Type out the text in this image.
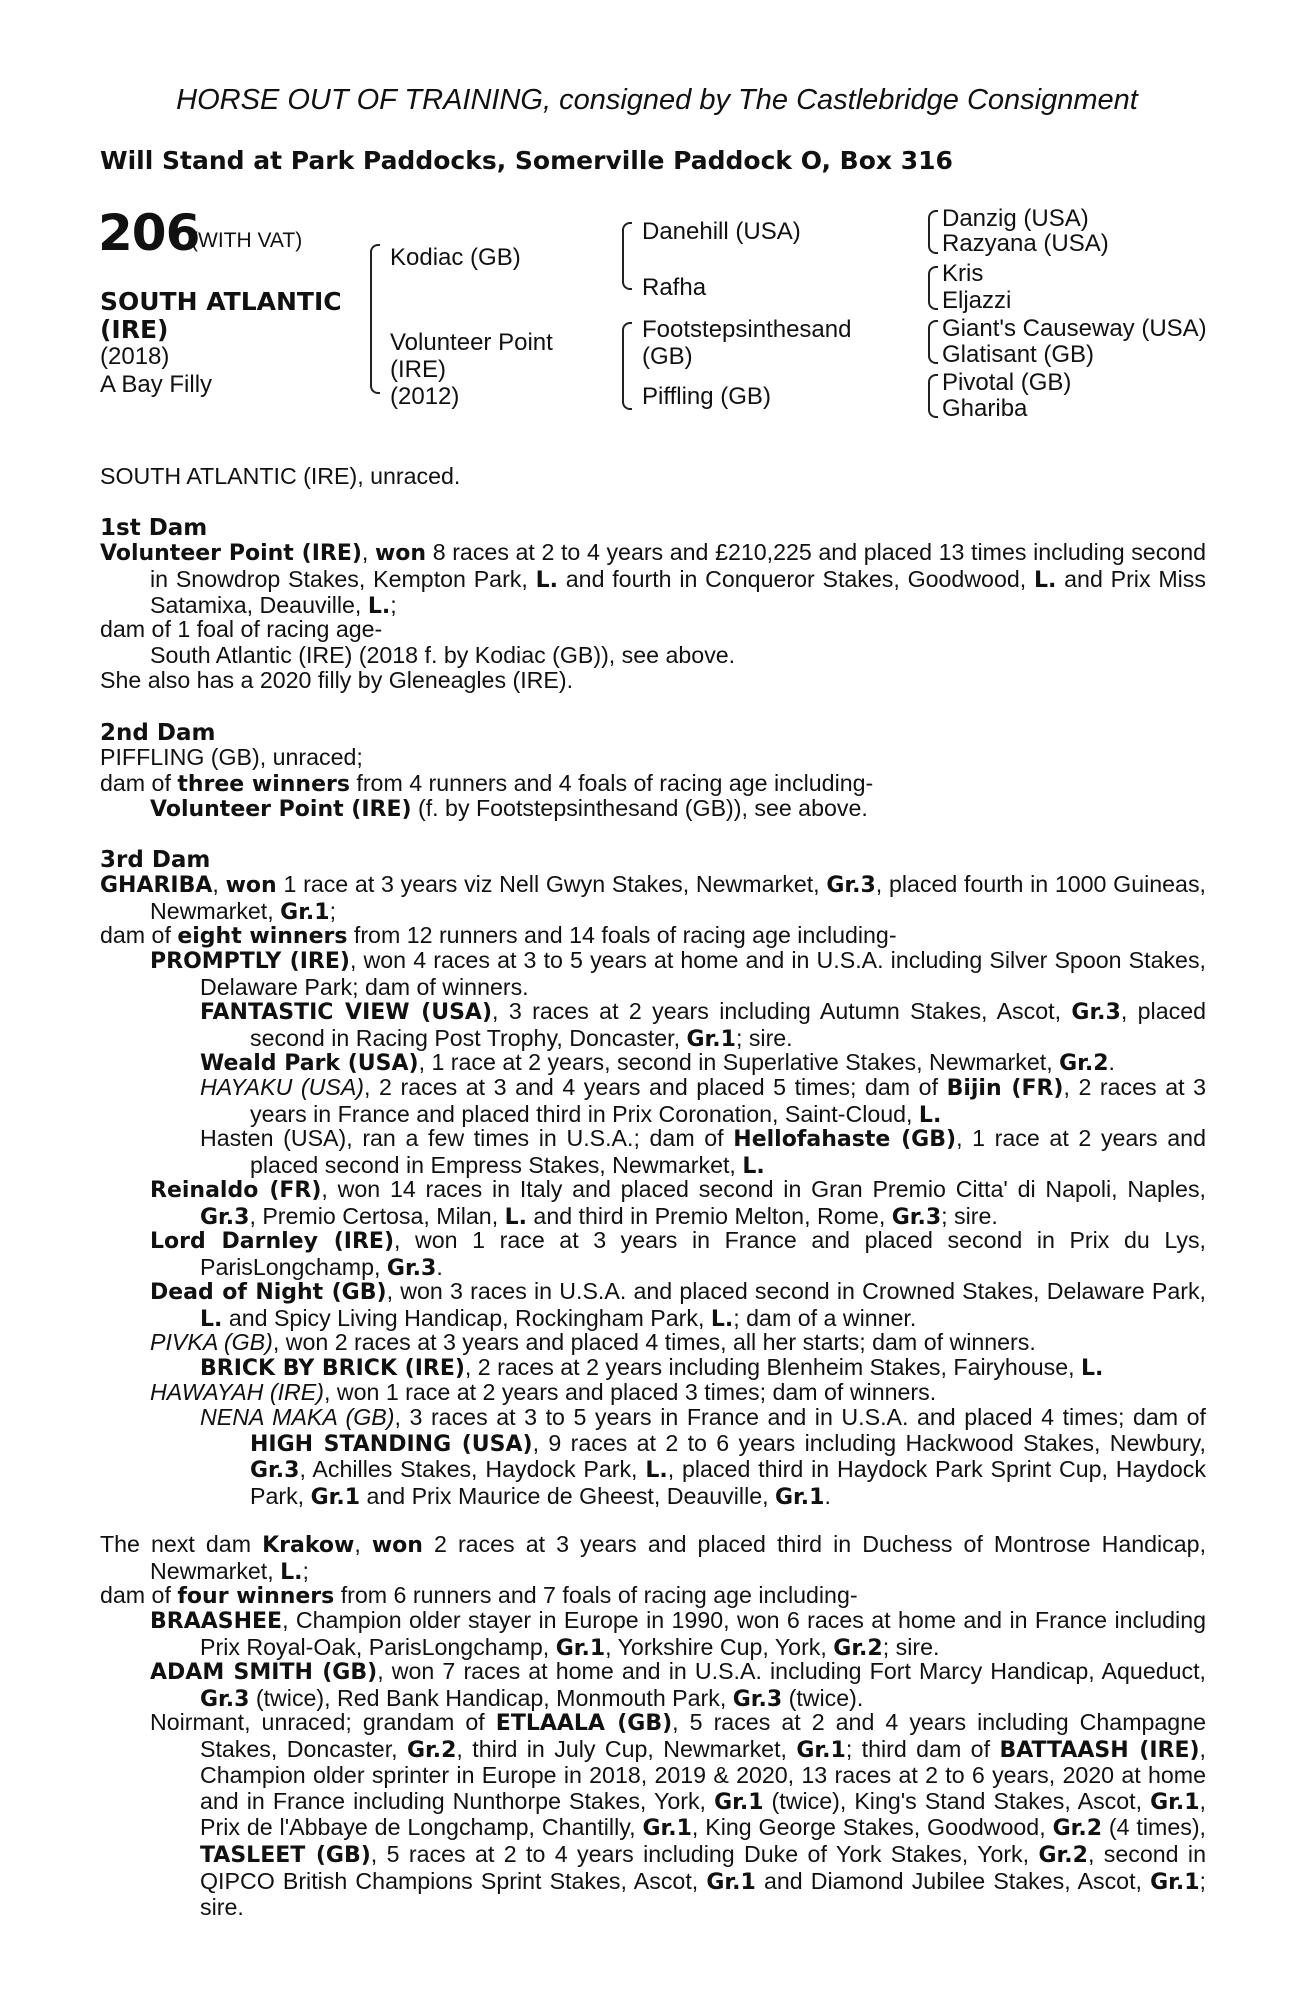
HORSE OUT OF TRAINING, consigned by The Castlebridge Consignment
Will Stand at Park Paddocks, Somerville Paddock O, Box 316
206
(WITH VAT)
SOUTH ATLANTIC
(IRE)
(2018)
A Bay Filly
Kodiac (GB)
Volunteer Point
(IRE)
(2012)
Danehill (USA)
Rafha
Footstepsinthesand
(GB)
Piffling (GB)
Danzig (USA)
Razyana (USA)
Kris
Eljazzi
Giant's Causeway (USA)
Glatisant (GB)
Pivotal (GB)
Ghariba
SOUTH ATLANTIC (IRE), unraced.
1st Dam
Volunteer Point (IRE), won 8 races at 2 to 4 years and £210,225 and placed 13 times including second in Snowdrop Stakes, Kempton Park, L. and fourth in Conqueror Stakes, Goodwood, L. and Prix Miss Satamixa, Deauville, L.;
dam of 1 foal of racing age-
South Atlantic (IRE) (2018 f. by Kodiac (GB)), see above.
She also has a 2020 filly by Gleneagles (IRE).
2nd Dam
PIFFLING (GB), unraced;
dam of three winners from 4 runners and 4 foals of racing age including-
Volunteer Point (IRE) (f. by Footstepsinthesand (GB)), see above.
3rd Dam
GHARIBA, won 1 race at 3 years viz Nell Gwyn Stakes, Newmarket, Gr.3, placed fourth in 1000 Guineas, Newmarket, Gr.1;
dam of eight winners from 12 runners and 14 foals of racing age including-
PROMPTLY (IRE), won 4 races at 3 to 5 years at home and in U.S.A. including Silver Spoon Stakes, Delaware Park; dam of winners.
FANTASTIC VIEW (USA), 3 races at 2 years including Autumn Stakes, Ascot, Gr.3, placed second in Racing Post Trophy, Doncaster, Gr.1; sire.
Weald Park (USA), 1 race at 2 years, second in Superlative Stakes, Newmarket, Gr.2.
HAYAKU (USA), 2 races at 3 and 4 years and placed 5 times; dam of Bijin (FR), 2 races at 3 years in France and placed third in Prix Coronation, Saint-Cloud, L.
Hasten (USA), ran a few times in U.S.A.; dam of Hellofahaste (GB), 1 race at 2 years and placed second in Empress Stakes, Newmarket, L.
Reinaldo (FR), won 14 races in Italy and placed second in Gran Premio Citta' di Napoli, Naples, Gr.3, Premio Certosa, Milan, L. and third in Premio Melton, Rome, Gr.3; sire.
Lord Darnley (IRE), won 1 race at 3 years in France and placed second in Prix du Lys, ParisLongchamp, Gr.3.
Dead of Night (GB), won 3 races in U.S.A. and placed second in Crowned Stakes, Delaware Park, L. and Spicy Living Handicap, Rockingham Park, L.; dam of a winner.
PIVKA (GB), won 2 races at 3 years and placed 4 times, all her starts; dam of winners.
BRICK BY BRICK (IRE), 2 races at 2 years including Blenheim Stakes, Fairyhouse, L.
HAWAYAH (IRE), won 1 race at 2 years and placed 3 times; dam of winners.
NENA MAKA (GB), 3 races at 3 to 5 years in France and in U.S.A. and placed 4 times; dam of HIGH STANDING (USA), 9 races at 2 to 6 years including Hackwood Stakes, Newbury, Gr.3, Achilles Stakes, Haydock Park, L., placed third in Haydock Park Sprint Cup, Haydock Park, Gr.1 and Prix Maurice de Gheest, Deauville, Gr.1.
The next dam Krakow, won 2 races at 3 years and placed third in Duchess of Montrose Handicap, Newmarket, L.;
dam of four winners from 6 runners and 7 foals of racing age including-
BRAASHEE, Champion older stayer in Europe in 1990, won 6 races at home and in France including Prix Royal-Oak, ParisLongchamp, Gr.1, Yorkshire Cup, York, Gr.2; sire.
ADAM SMITH (GB), won 7 races at home and in U.S.A. including Fort Marcy Handicap, Aqueduct, Gr.3 (twice), Red Bank Handicap, Monmouth Park, Gr.3 (twice).
Noirmant, unraced; grandam of ETLAALA (GB), 5 races at 2 and 4 years including Champagne Stakes, Doncaster, Gr.2, third in July Cup, Newmarket, Gr.1; third dam of BATTAASH (IRE), Champion older sprinter in Europe in 2018, 2019 & 2020, 13 races at 2 to 6 years, 2020 at home and in France including Nunthorpe Stakes, York, Gr.1 (twice), King's Stand Stakes, Ascot, Gr.1, Prix de l'Abbaye de Longchamp, Chantilly, Gr.1, King George Stakes, Goodwood, Gr.2 (4 times), TASLEET (GB), 5 races at 2 to 4 years including Duke of York Stakes, York, Gr.2, second in QIPCO British Champions Sprint Stakes, Ascot, Gr.1 and Diamond Jubilee Stakes, Ascot, Gr.1; sire.
